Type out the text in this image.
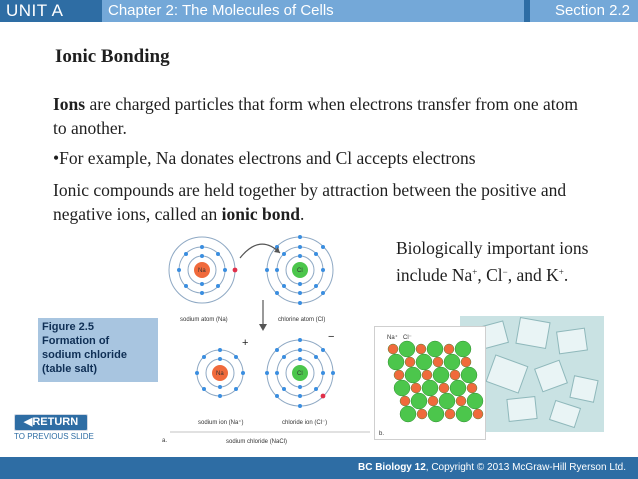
UNIT A	Chapter 2: The Molecules of Cells	Section 2.2
Ionic Bonding

Ions are charged particles that form when electrons transfer from one atom to another.

•For example, Na donates electrons and Cl accepts electrons

Ionic compounds are held together by attraction between the positive and negative ions, called an ionic bond.

Biologically important ions include Na+, Cl−, and K+.
Figure 2.5
Formation of
sodium chloride
(table salt)
Na	Cl
Na	Cl
sodium atom (Na)	chlorine atom (Cl)
sodium ion (Na⁺)	chloride ion (Cl⁻)
+	−
a.	sodium chloride (NaCl)
Na⁺ Cl⁻
b.
◀RETURN
TO PREVIOUS SLIDE
BC Biology 12, Copyright © 2013 McGraw-Hill Ryerson Ltd.
